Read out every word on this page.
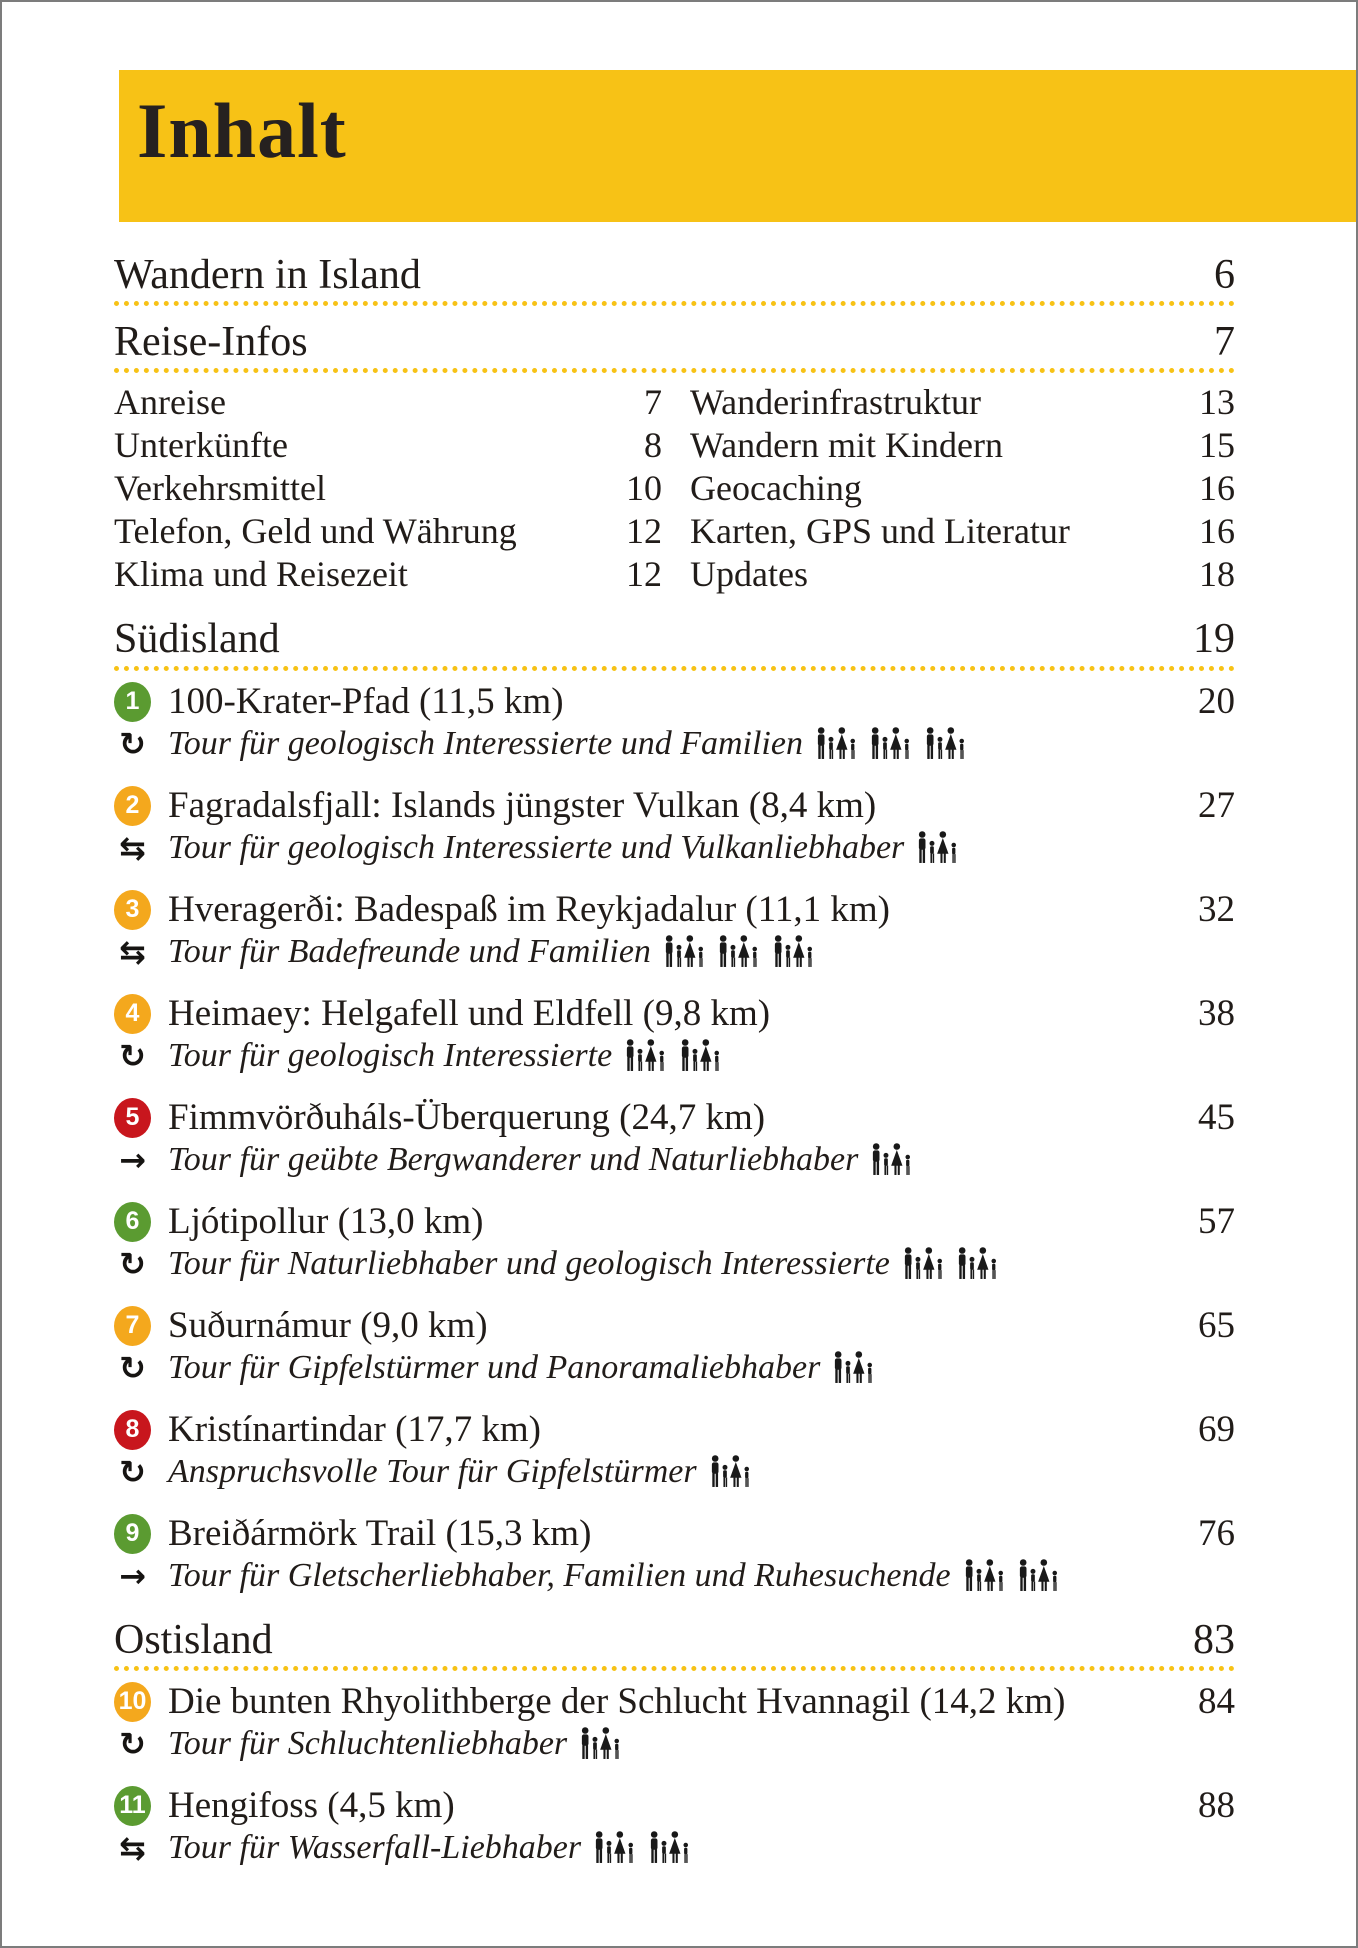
Inhalt
Wandern in Island	6
Reise-Infos	7
Anreise	7
Unterkünfte	8
Verkehrsmittel	10
Telefon, Geld und Währung	12
Klima und Reisezeit	12
Wanderinfrastruktur	13
Wandern mit Kindern	15
Geocaching	16
Karten, GPS und Literatur	16
Updates	18
Südisland	19
1 100-Krater-Pfad (11,5 km)	20
↻ Tour für geologisch Interessierte und Familien
2 Fagradalsfjall: Islands jüngster Vulkan (8,4 km)	27
⇆ Tour für geologisch Interessierte und Vulkanliebhaber
3 Hveragerði: Badespaß im Reykjadalur (11,1 km)	32
⇆ Tour für Badefreunde und Familien
4 Heimaey: Helgafell und Eldfell (9,8 km)	38
↻ Tour für geologisch Interessierte
5 Fimmvörðuháls-Überquerung (24,7 km)	45
→ Tour für geübte Bergwanderer und Naturliebhaber
6 Ljótipollur (13,0 km)	57
↻ Tour für Naturliebhaber und geologisch Interessierte
7 Suðurnámur (9,0 km)	65
↻ Tour für Gipfelstürmer und Panoramaliebhaber
8 Kristínartindar (17,7 km)	69
↻ Anspruchsvolle Tour für Gipfelstürmer
9 Breiðármörk Trail (15,3 km)	76
→ Tour für Gletscherliebhaber, Familien und Ruhesuchende
Ostisland	83
10 Die bunten Rhyolithberge der Schlucht Hvannagil (14,2 km)	84
↻ Tour für Schluchtenliebhaber
11 Hengifoss (4,5 km)	88
⇆ Tour für Wasserfall-Liebhaber
